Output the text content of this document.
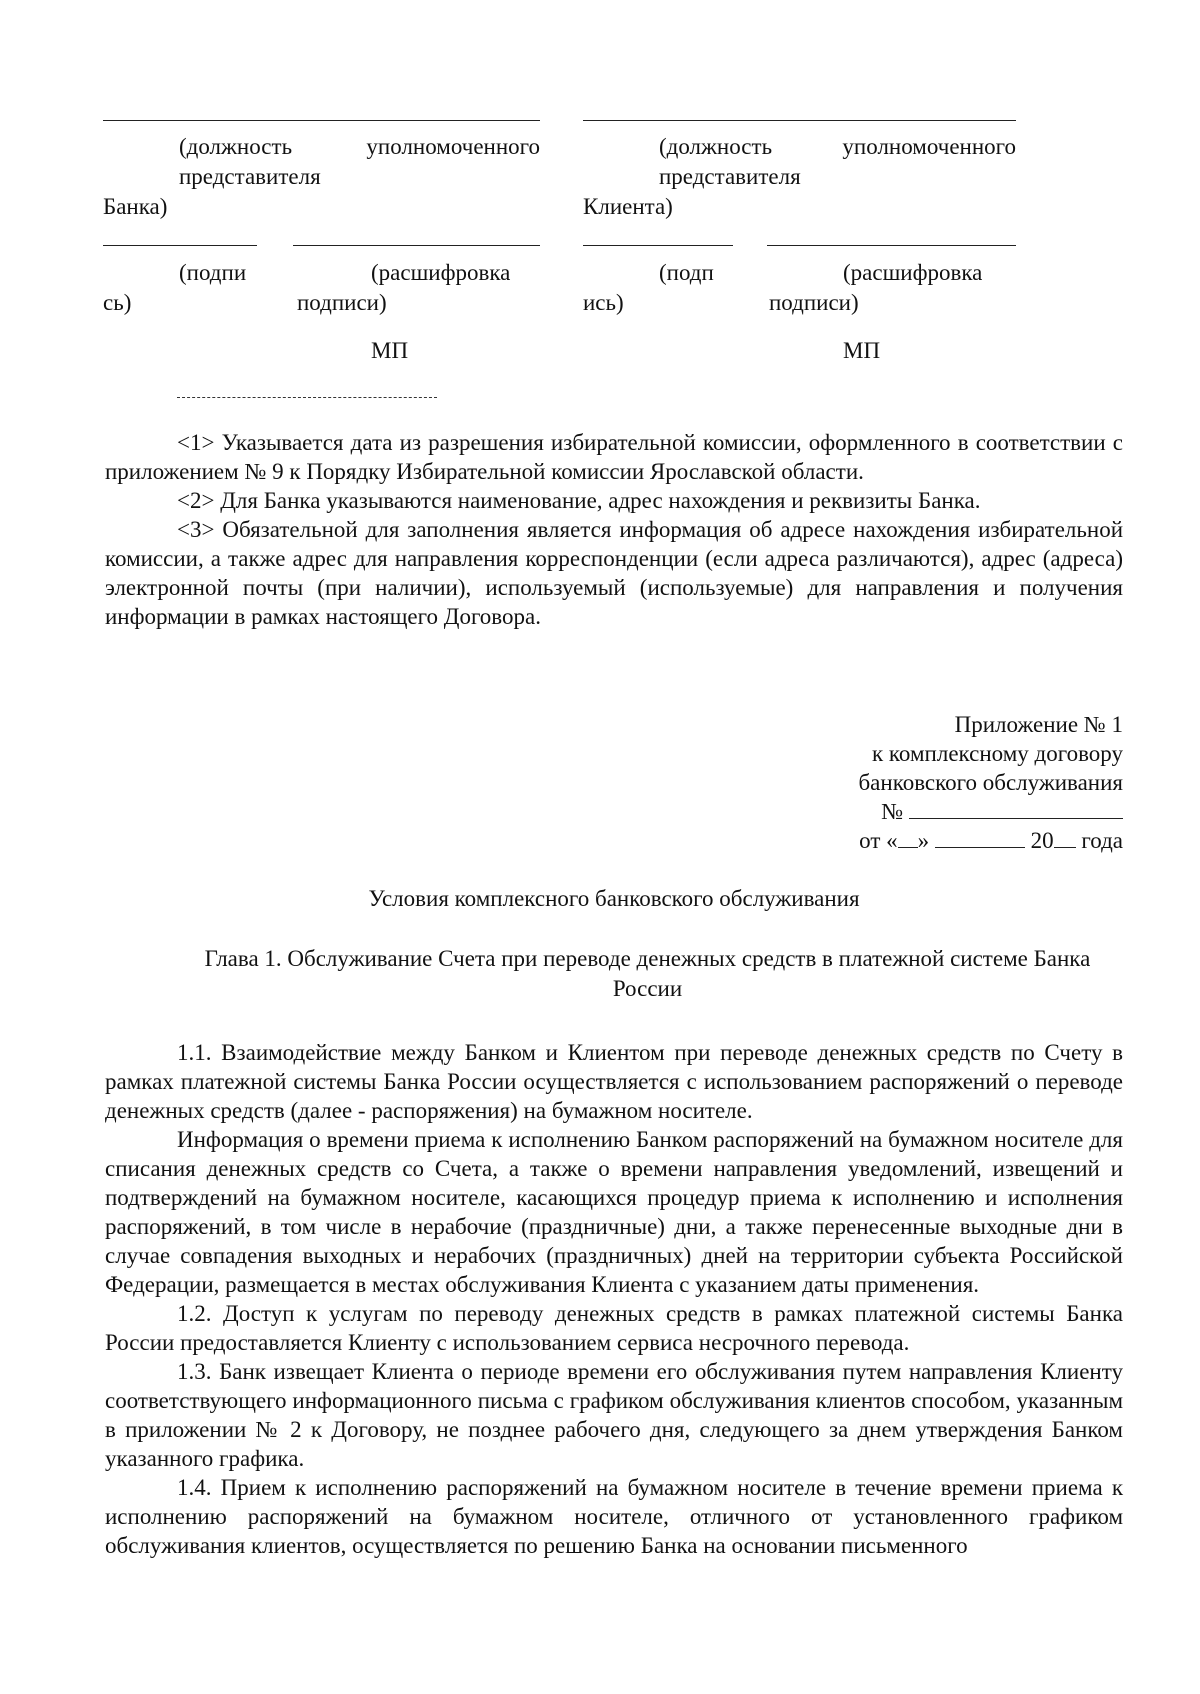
(должность уполномоченного представителя
Банка)
(должность уполномоченного представителя
Клиента)
(подпи
сь)
(расшифровка
подписи)
(подп
ись)
(расшифровка
подписи)
МП	МП

<1> Указывается дата из разрешения избирательной комиссии, оформленного в соответствии с приложением № 9 к Порядку Избирательной комиссии Ярославской области.

<2> Для Банка указываются наименование, адрес нахождения и реквизиты Банка.

<3> Обязательной для заполнения является информация об адресе нахождения избирательной комиссии, а также адрес для направления корреспонденции (если адреса различаются), адрес (адреса) электронной почты (при наличии), используемый (используемые) для направления и получения информации в рамках настоящего Договора.

Приложение № 1
к комплексному договору
банковского обслуживания
№
от « »	20 года
Условия комплексного банковского обслуживания
Глава 1. Обслуживание Счета при переводе денежных средств в платежной системе Банка России

1.1. Взаимодействие между Банком и Клиентом при переводе денежных средств по Счету в рамках платежной системы Банка России осуществляется с использованием распоряжений о переводе денежных средств (далее - распоряжения) на бумажном носителе.

Информация о времени приема к исполнению Банком распоряжений на бумажном носителе для списания денежных средств со Счета, а также о времени направления уведомлений, извещений и подтверждений на бумажном носителе, касающихся процедур приема к исполнению и исполнения распоряжений, в том числе в нерабочие (праздничные) дни, а также перенесенные выходные дни в случае совпадения выходных и нерабочих (праздничных) дней на территории субъекта Российской Федерации, размещается в местах обслуживания Клиента с указанием даты применения.

1.2. Доступ к услугам по переводу денежных средств в рамках платежной системы Банка России предоставляется Клиенту с использованием сервиса несрочного перевода.

1.3. Банк извещает Клиента о периоде времени его обслуживания путем направления Клиенту соответствующего информационного письма с графиком обслуживания клиентов способом, указанным в приложении № 2 к Договору, не позднее рабочего дня, следующего за днем утверждения Банком указанного графика.

1.4. Прием к исполнению распоряжений на бумажном носителе в течение времени приема к исполнению распоряжений на бумажном носителе, отличного от установленного графиком обслуживания клиентов, осуществляется по решению Банка на основании письменного
